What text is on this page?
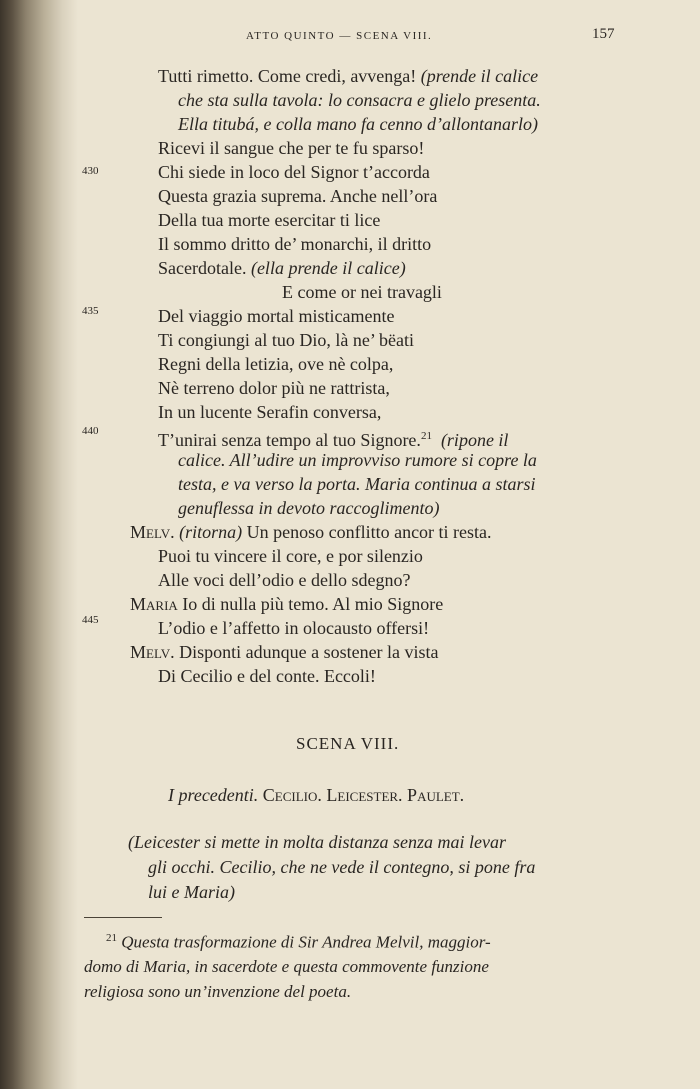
ATTO QUINTO — SCENA VIII.	157
430
435
440
445
Tutti rimetto. Come credi, avvenga! (prende il calice
che sta sulla tavola: lo consacra e glielo presenta.
Ella titubá, e colla mano fa cenno d’allontanarlo)
Ricevi il sangue che per te fu sparso!
Chi siede in loco del Signor t’accorda
Questa grazia suprema. Anche nell’ora
Della tua morte esercitar ti lice
Il sommo dritto de’ monarchi, il dritto
Sacerdotale. (ella prende il calice)
E come or nei travagli
Del viaggio mortal misticamente
Ti congiungi al tuo Dio, là ne’ bëati
Regni della letizia, ove nè colpa,
Nè terreno dolor più ne rattrista,
In un lucente Serafin conversa,
T’unirai senza tempo al tuo Signore.$^{21}$ (ripone il
calice. All’udire un improvviso rumore si copre la
testa, e va verso la porta. Maria continua a starsi
genuflessa in devoto raccoglimento)
Melv. (ritorna) Un penoso conflitto ancor ti resta.
Puoi tu vincere il core, e por silenzio
Alle voci dell’odio e dello sdegno?
Maria Io di nulla più temo. Al mio Signore
L’odio e l’affetto in olocausto offersi!
Melv. Disponti adunque a sostener la vista
Di Cecilio e del conte. Eccoli!
SCENA VIII.
I precedenti. Cecilio. Leicester. Paulet.
(Leicester si mette in molta distanza senza mai levar
gli occhi. Cecilio, che ne vede il contegno, si pone fra
lui e Maria)
$^{21}$ Questa trasformazione di Sir Andrea Melvil, maggior-
domo di Maria, in sacerdote e questa commovente funzione
religiosa sono un’invenzione del poeta.
